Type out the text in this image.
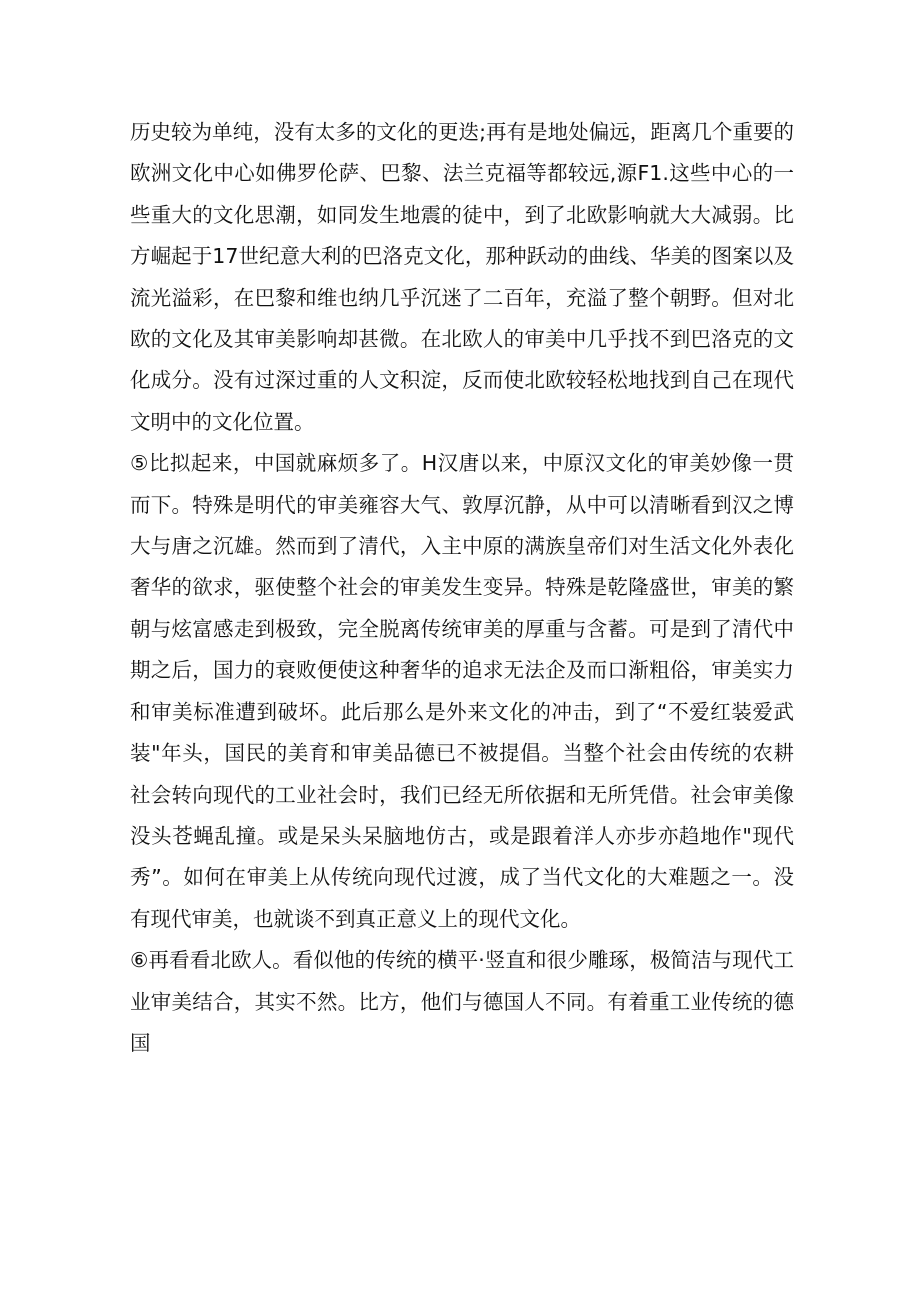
历史较为单纯，没有太多的文化的更迭;再有是地处偏远，距离几个重要的欧洲文化中心如佛罗伦萨、巴黎、法兰克福等都较远,源F1.这些中心的一些重大的文化思潮，如同发生地震的徒中，到了北欧影响就大大减弱。比方崛起于17世纪意大利的巴洛克文化，那种跃动的曲线、华美的图案以及流光溢彩，在巴黎和维也纳几乎沉迷了二百年，充溢了整个朝野。但对北欧的文化及其审美影响却甚微。在北欧人的审美中几乎找不到巴洛克的文化成分。没有过深过重的人文积淀，反而使北欧较轻松地找到自己在现代文明中的文化位置。

⑤比拟起来，中国就麻烦多了。H汉唐以来，中原汉文化的审美妙像一贯而下。特殊是明代的审美雍容大气、敦厚沉静，从中可以清晰看到汉之博大与唐之沉雄。然而到了清代，入主中原的满族皇帝们对生活文化外表化奢华的欲求，驱使整个社会的审美发生变异。特殊是乾隆盛世，审美的繁朝与炫富感走到极致，完全脱离传统审美的厚重与含蓄。可是到了清代中期之后，国力的衰败便使这种奢华的追求无法企及而口渐粗俗，审美实力和审美标准遭到破坏。此后那么是外来文化的冲击，到了“不爱红装爱武装"年头，国民的美育和审美品德已不被提倡。当整个社会由传统的农耕社会转向现代的工业社会时，我们已经无所依据和无所凭借。社会审美像没头苍蝇乱撞。或是呆头呆脑地仿古，或是跟着洋人亦步亦趋地作"现代秀”。如何在审美上从传统向现代过渡，成了当代文化的大难题之一。没有现代审美，也就谈不到真正意义上的现代文化。

⑥再看看北欧人。看似他的传统的横平·竖直和很少雕琢，极简洁与现代工业审美结合，其实不然。比方，他们与德国人不同。有着重工业传统的德国
